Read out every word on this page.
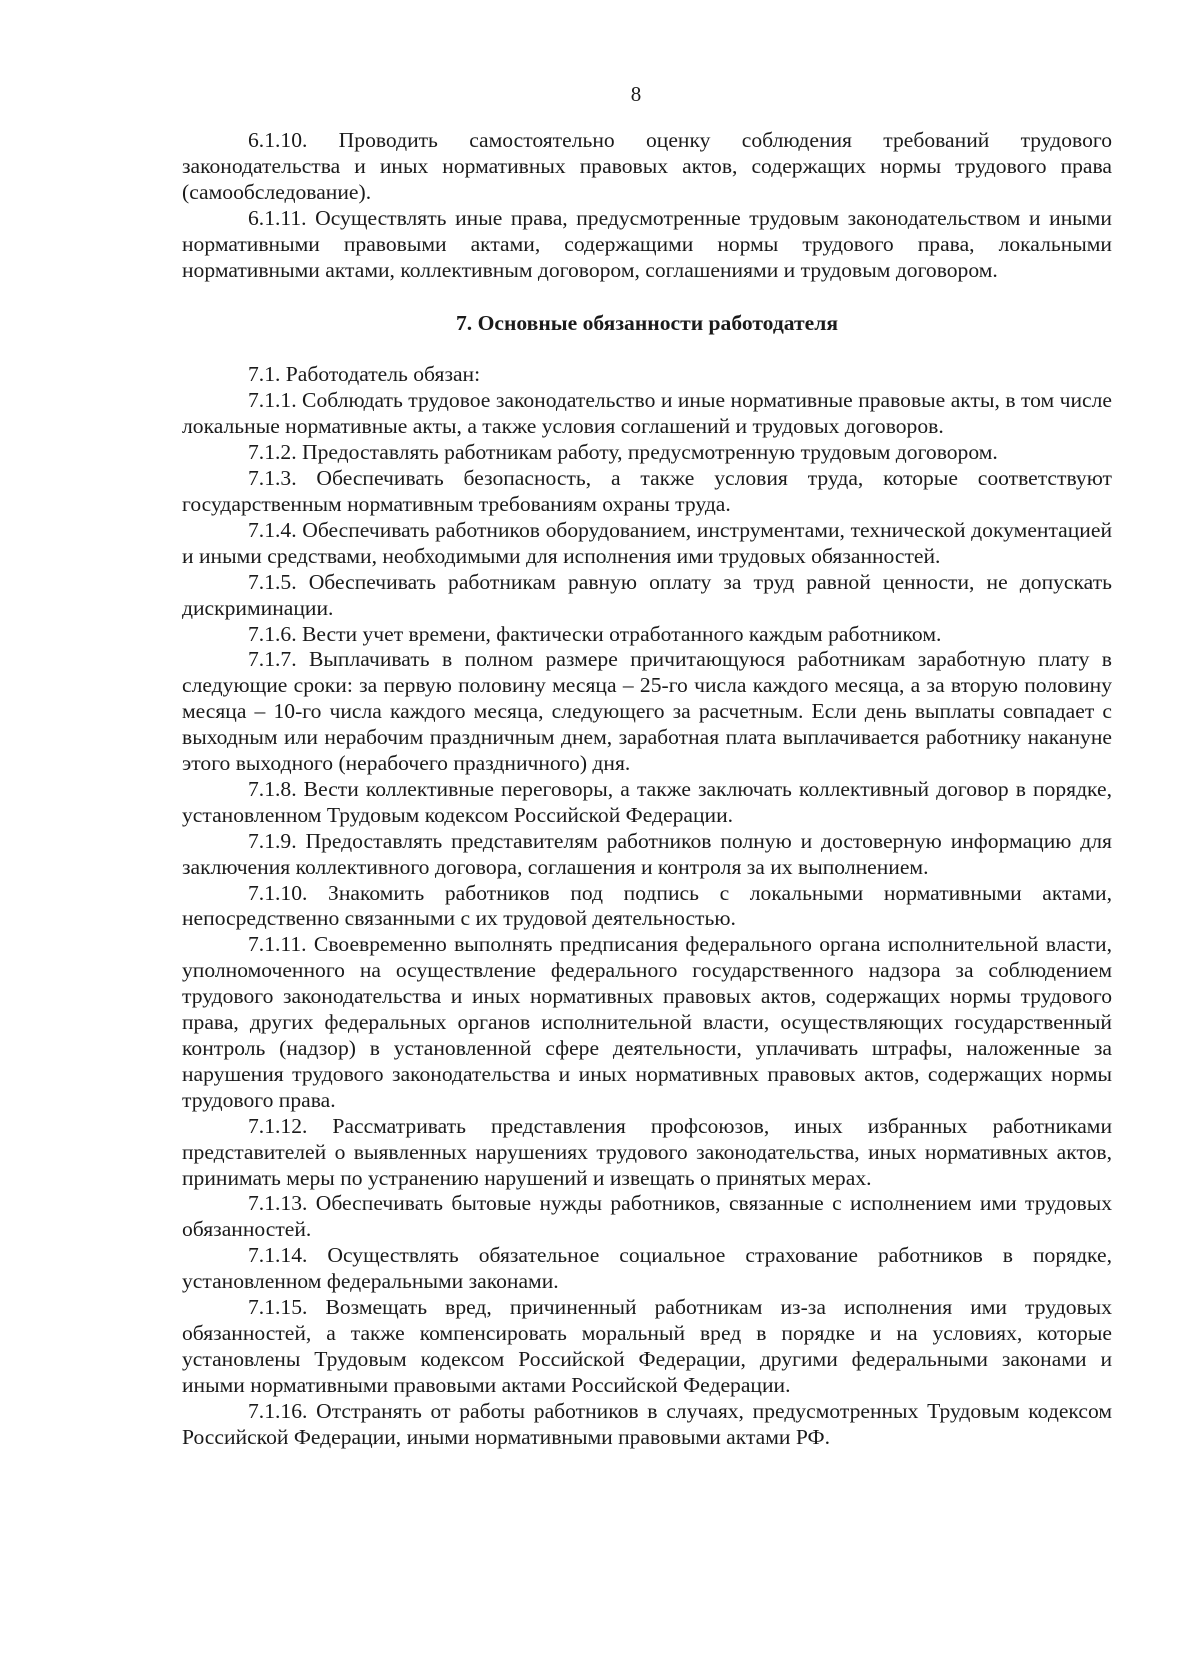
8

6.1.10. Проводить самостоятельно оценку соблюдения требований трудового законодательства и иных нормативных правовых актов, содержащих нормы трудового права (самообследование).

6.1.11. Осуществлять иные права, предусмотренные трудовым законодательством и иными нормативными правовыми актами, содержащими нормы трудового права, локальными нормативными актами, коллективным договором, соглашениями и трудовым договором.

7. Основные обязанности работодателя

7.1. Работодатель обязан:

7.1.1. Соблюдать трудовое законодательство и иные нормативные правовые акты, в том числе локальные нормативные акты, а также условия соглашений и трудовых договоров.

7.1.2. Предоставлять работникам работу, предусмотренную трудовым договором.

7.1.3. Обеспечивать безопасность, а также условия труда, которые соответствуют государственным нормативным требованиям охраны труда.

7.1.4. Обеспечивать работников оборудованием, инструментами, технической документацией и иными средствами, необходимыми для исполнения ими трудовых обязанностей.

7.1.5. Обеспечивать работникам равную оплату за труд равной ценности, не допускать дискриминации.

7.1.6. Вести учет времени, фактически отработанного каждым работником.

7.1.7. Выплачивать в полном размере причитающуюся работникам заработную плату в следующие сроки: за первую половину месяца – 25-го числа каждого месяца, а за вторую половину месяца – 10-го числа каждого месяца, следующего за расчетным. Если день выплаты совпадает с выходным или нерабочим праздничным днем, заработная плата выплачивается работнику накануне этого выходного (нерабочего праздничного) дня.

7.1.8. Вести коллективные переговоры, а также заключать коллективный договор в порядке, установленном Трудовым кодексом Российской Федерации.

7.1.9. Предоставлять представителям работников полную и достоверную информацию для заключения коллективного договора, соглашения и контроля за их выполнением.

7.1.10. Знакомить работников под подпись с локальными нормативными актами, непосредственно связанными с их трудовой деятельностью.

7.1.11. Своевременно выполнять предписания федерального органа исполнительной власти, уполномоченного на осуществление федерального государственного надзора за соблюдением трудового законодательства и иных нормативных правовых актов, содержащих нормы трудового права, других федеральных органов исполнительной власти, осуществляющих государственный контроль (надзор) в установленной сфере деятельности, уплачивать штрафы, наложенные за нарушения трудового законодательства и иных нормативных правовых актов, содержащих нормы трудового права.

7.1.12. Рассматривать представления профсоюзов, иных избранных работниками представителей о выявленных нарушениях трудового законодательства, иных нормативных актов, принимать меры по устранению нарушений и извещать о принятых мерах.

7.1.13. Обеспечивать бытовые нужды работников, связанные с исполнением ими трудовых обязанностей.

7.1.14. Осуществлять обязательное социальное страхование работников в порядке, установленном федеральными законами.

7.1.15. Возмещать вред, причиненный работникам из-за исполнения ими трудовых обязанностей, а также компенсировать моральный вред в порядке и на условиях, которые установлены Трудовым кодексом Российской Федерации, другими федеральными законами и иными нормативными правовыми актами Российской Федерации.

7.1.16. Отстранять от работы работников в случаях, предусмотренных Трудовым кодексом Российской Федерации, иными нормативными правовыми актами РФ.
